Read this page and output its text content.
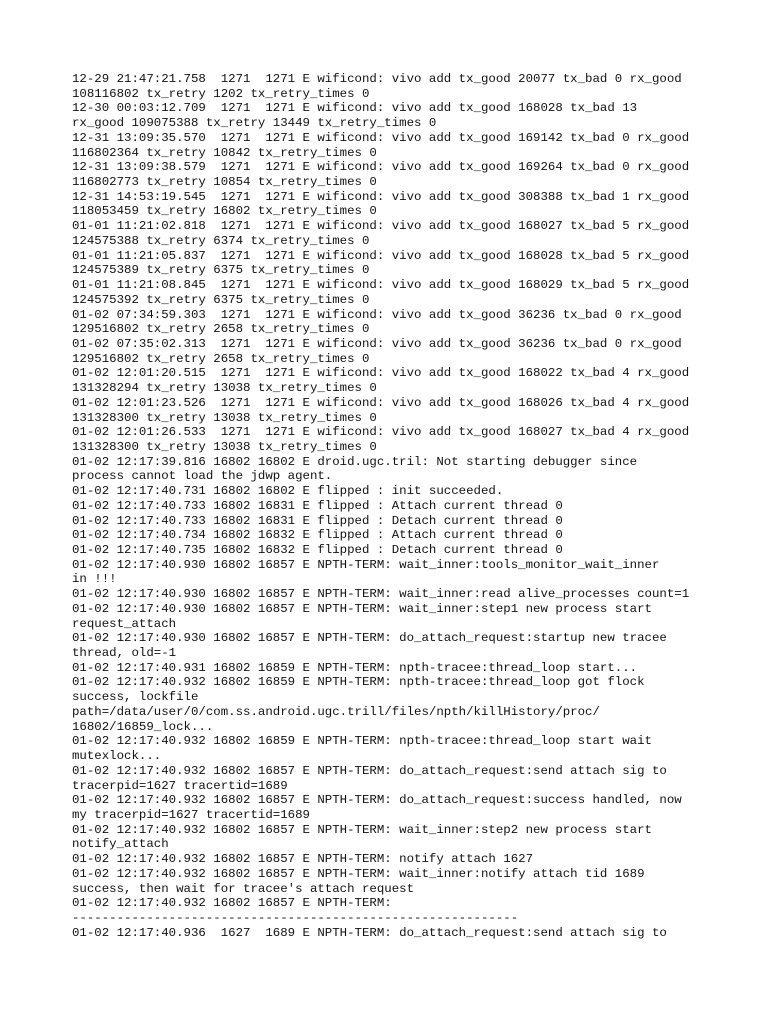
12-29 21:47:21.758  1271  1271 E wificond: vivo add tx_good 20077 tx_bad 0 rx_good
108116802 tx_retry 1202 tx_retry_times 0
12-30 00:03:12.709  1271  1271 E wificond: vivo add tx_good 168028 tx_bad 13
rx_good 109075388 tx_retry 13449 tx_retry_times 0
12-31 13:09:35.570  1271  1271 E wificond: vivo add tx_good 169142 tx_bad 0 rx_good
116802364 tx_retry 10842 tx_retry_times 0
12-31 13:09:38.579  1271  1271 E wificond: vivo add tx_good 169264 tx_bad 0 rx_good
116802773 tx_retry 10854 tx_retry_times 0
12-31 14:53:19.545  1271  1271 E wificond: vivo add tx_good 308388 tx_bad 1 rx_good
118053459 tx_retry 16802 tx_retry_times 0
01-01 11:21:02.818  1271  1271 E wificond: vivo add tx_good 168027 tx_bad 5 rx_good
124575388 tx_retry 6374 tx_retry_times 0
01-01 11:21:05.837  1271  1271 E wificond: vivo add tx_good 168028 tx_bad 5 rx_good
124575389 tx_retry 6375 tx_retry_times 0
01-01 11:21:08.845  1271  1271 E wificond: vivo add tx_good 168029 tx_bad 5 rx_good
124575392 tx_retry 6375 tx_retry_times 0
01-02 07:34:59.303  1271  1271 E wificond: vivo add tx_good 36236 tx_bad 0 rx_good
129516802 tx_retry 2658 tx_retry_times 0
01-02 07:35:02.313  1271  1271 E wificond: vivo add tx_good 36236 tx_bad 0 rx_good
129516802 tx_retry 2658 tx_retry_times 0
01-02 12:01:20.515  1271  1271 E wificond: vivo add tx_good 168022 tx_bad 4 rx_good
131328294 tx_retry 13038 tx_retry_times 0
01-02 12:01:23.526  1271  1271 E wificond: vivo add tx_good 168026 tx_bad 4 rx_good
131328300 tx_retry 13038 tx_retry_times 0
01-02 12:01:26.533  1271  1271 E wificond: vivo add tx_good 168027 tx_bad 4 rx_good
131328300 tx_retry 13038 tx_retry_times 0
01-02 12:17:39.816 16802 16802 E droid.ugc.tril: Not starting debugger since
process cannot load the jdwp agent.
01-02 12:17:40.731 16802 16802 E flipped : init succeeded.
01-02 12:17:40.733 16802 16831 E flipped : Attach current thread 0
01-02 12:17:40.733 16802 16831 E flipped : Detach current thread 0
01-02 12:17:40.734 16802 16832 E flipped : Attach current thread 0
01-02 12:17:40.735 16802 16832 E flipped : Detach current thread 0
01-02 12:17:40.930 16802 16857 E NPTH-TERM: wait_inner:tools_monitor_wait_inner
in !!!
01-02 12:17:40.930 16802 16857 E NPTH-TERM: wait_inner:read alive_processes count=1
01-02 12:17:40.930 16802 16857 E NPTH-TERM: wait_inner:step1 new process start
request_attach
01-02 12:17:40.930 16802 16857 E NPTH-TERM: do_attach_request:startup new tracee
thread, old=-1
01-02 12:17:40.931 16802 16859 E NPTH-TERM: npth-tracee:thread_loop start...
01-02 12:17:40.932 16802 16859 E NPTH-TERM: npth-tracee:thread_loop got flock
success, lockfile
path=/data/user/0/com.ss.android.ugc.trill/files/npth/killHistory/proc/
16802/16859_lock...
01-02 12:17:40.932 16802 16859 E NPTH-TERM: npth-tracee:thread_loop start wait
mutexlock...
01-02 12:17:40.932 16802 16857 E NPTH-TERM: do_attach_request:send attach sig to
tracerpid=1627 tracertid=1689
01-02 12:17:40.932 16802 16857 E NPTH-TERM: do_attach_request:success handled, now
my tracerpid=1627 tracertid=1689
01-02 12:17:40.932 16802 16857 E NPTH-TERM: wait_inner:step2 new process start
notify_attach
01-02 12:17:40.932 16802 16857 E NPTH-TERM: notify attach 1627
01-02 12:17:40.932 16802 16857 E NPTH-TERM: wait_inner:notify attach tid 1689
success, then wait for tracee's attach request
01-02 12:17:40.932 16802 16857 E NPTH-TERM:
------------------------------------------------------------
01-02 12:17:40.936  1627  1689 E NPTH-TERM: do_attach_request:send attach sig to
